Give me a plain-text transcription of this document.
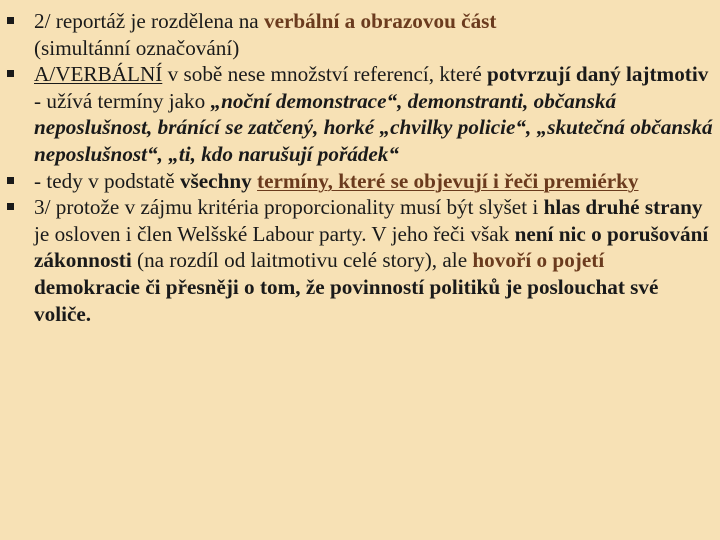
2/ reportáž je rozdělena na verbální a obrazovou část
(simultánní označování)
A/VERBÁLNÍ v sobě nese množství referencí, které potvrzují daný lajtmotiv - užívá termíny jako „noční demonstrace“, demonstranti, občanská neposlušnost, bránící se zatčený, horké „chvilky policie“, „skutečná občanská neposlušnost“, „ti, kdo narušují pořádek“
- tedy v podstatě všechny termíny, které se objevují i řeči premiérky
3/ protože v zájmu kritéria proporcionality musí být slyšet i hlas druhé strany je osloven i člen Welšské Labour party. V jeho řeči však není nic o porušování zákonnosti (na rozdíl od laitmotivu celé story), ale hovoří o pojetí demokracie či přesněji o tom, že povinností politiků je poslouchat své voliče.
